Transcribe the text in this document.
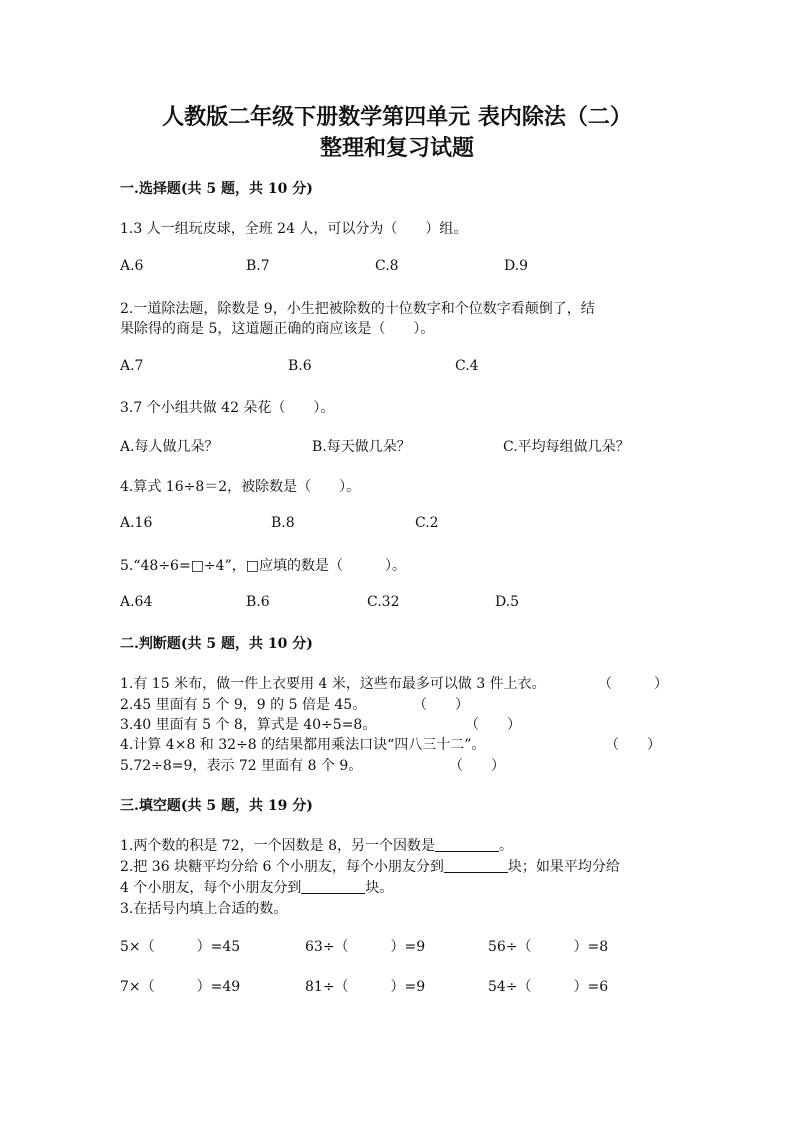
人教版二年级下册数学第四单元 表内除法（二）
整理和复习试题
一.选择题(共 5 题，共 10 分)
1.3 人一组玩皮球，全班 24 人，可以分为（　　）组。
A.6	B.7	C.8	D.9
2.一道除法题，除数是 9，小生把被除数的十位数字和个位数字看颠倒了，结
果除得的商是 5，这道题正确的商应该是（　　）。
A.7	B.6	C.4
3.7 个小组共做 42 朵花（　　）。
A.每人做几朵？	B.每天做几朵？	C.平均每组做几朵？
4.算式 16÷8＝2，被除数是（　　）。
A.16	B.8	C.2
5.“48÷6=□÷4”，□应填的数是（　　　）。
A.64	B.6	C.32	D.5
二.判断题(共 5 题，共 10 分)
1.有 15 米布，做一件上衣要用 4 米，这些布最多可以做 3 件上衣。	（　　　）
2.45 里面有 5 个 9，9 的 5 倍是 45。	（　　）
3.40 里面有 5 个 8，算式是 40÷5=8。	（　　）
4.计算 4×8 和 32÷8 的结果都用乘法口诀“四八三十二”。	（　　）
5.72÷8=9，表示 72 里面有 8 个 9。	（　　）
三.填空题(共 5 题，共 19 分)
1.两个数的积是 72，一个因数是 8，另一个因数是	。
2.把 36 块糖平均分给 6 个小朋友，每个小朋友分到	块；如果平均分给
4 个小朋友，每个小朋友分到	块。
3.在括号内填上合适的数。
5×（　　　）=45	63÷（　　　）=9	56÷（　　　）=8
7×（　　　）=49	81÷（　　　）=9	54÷（　　　）=6
